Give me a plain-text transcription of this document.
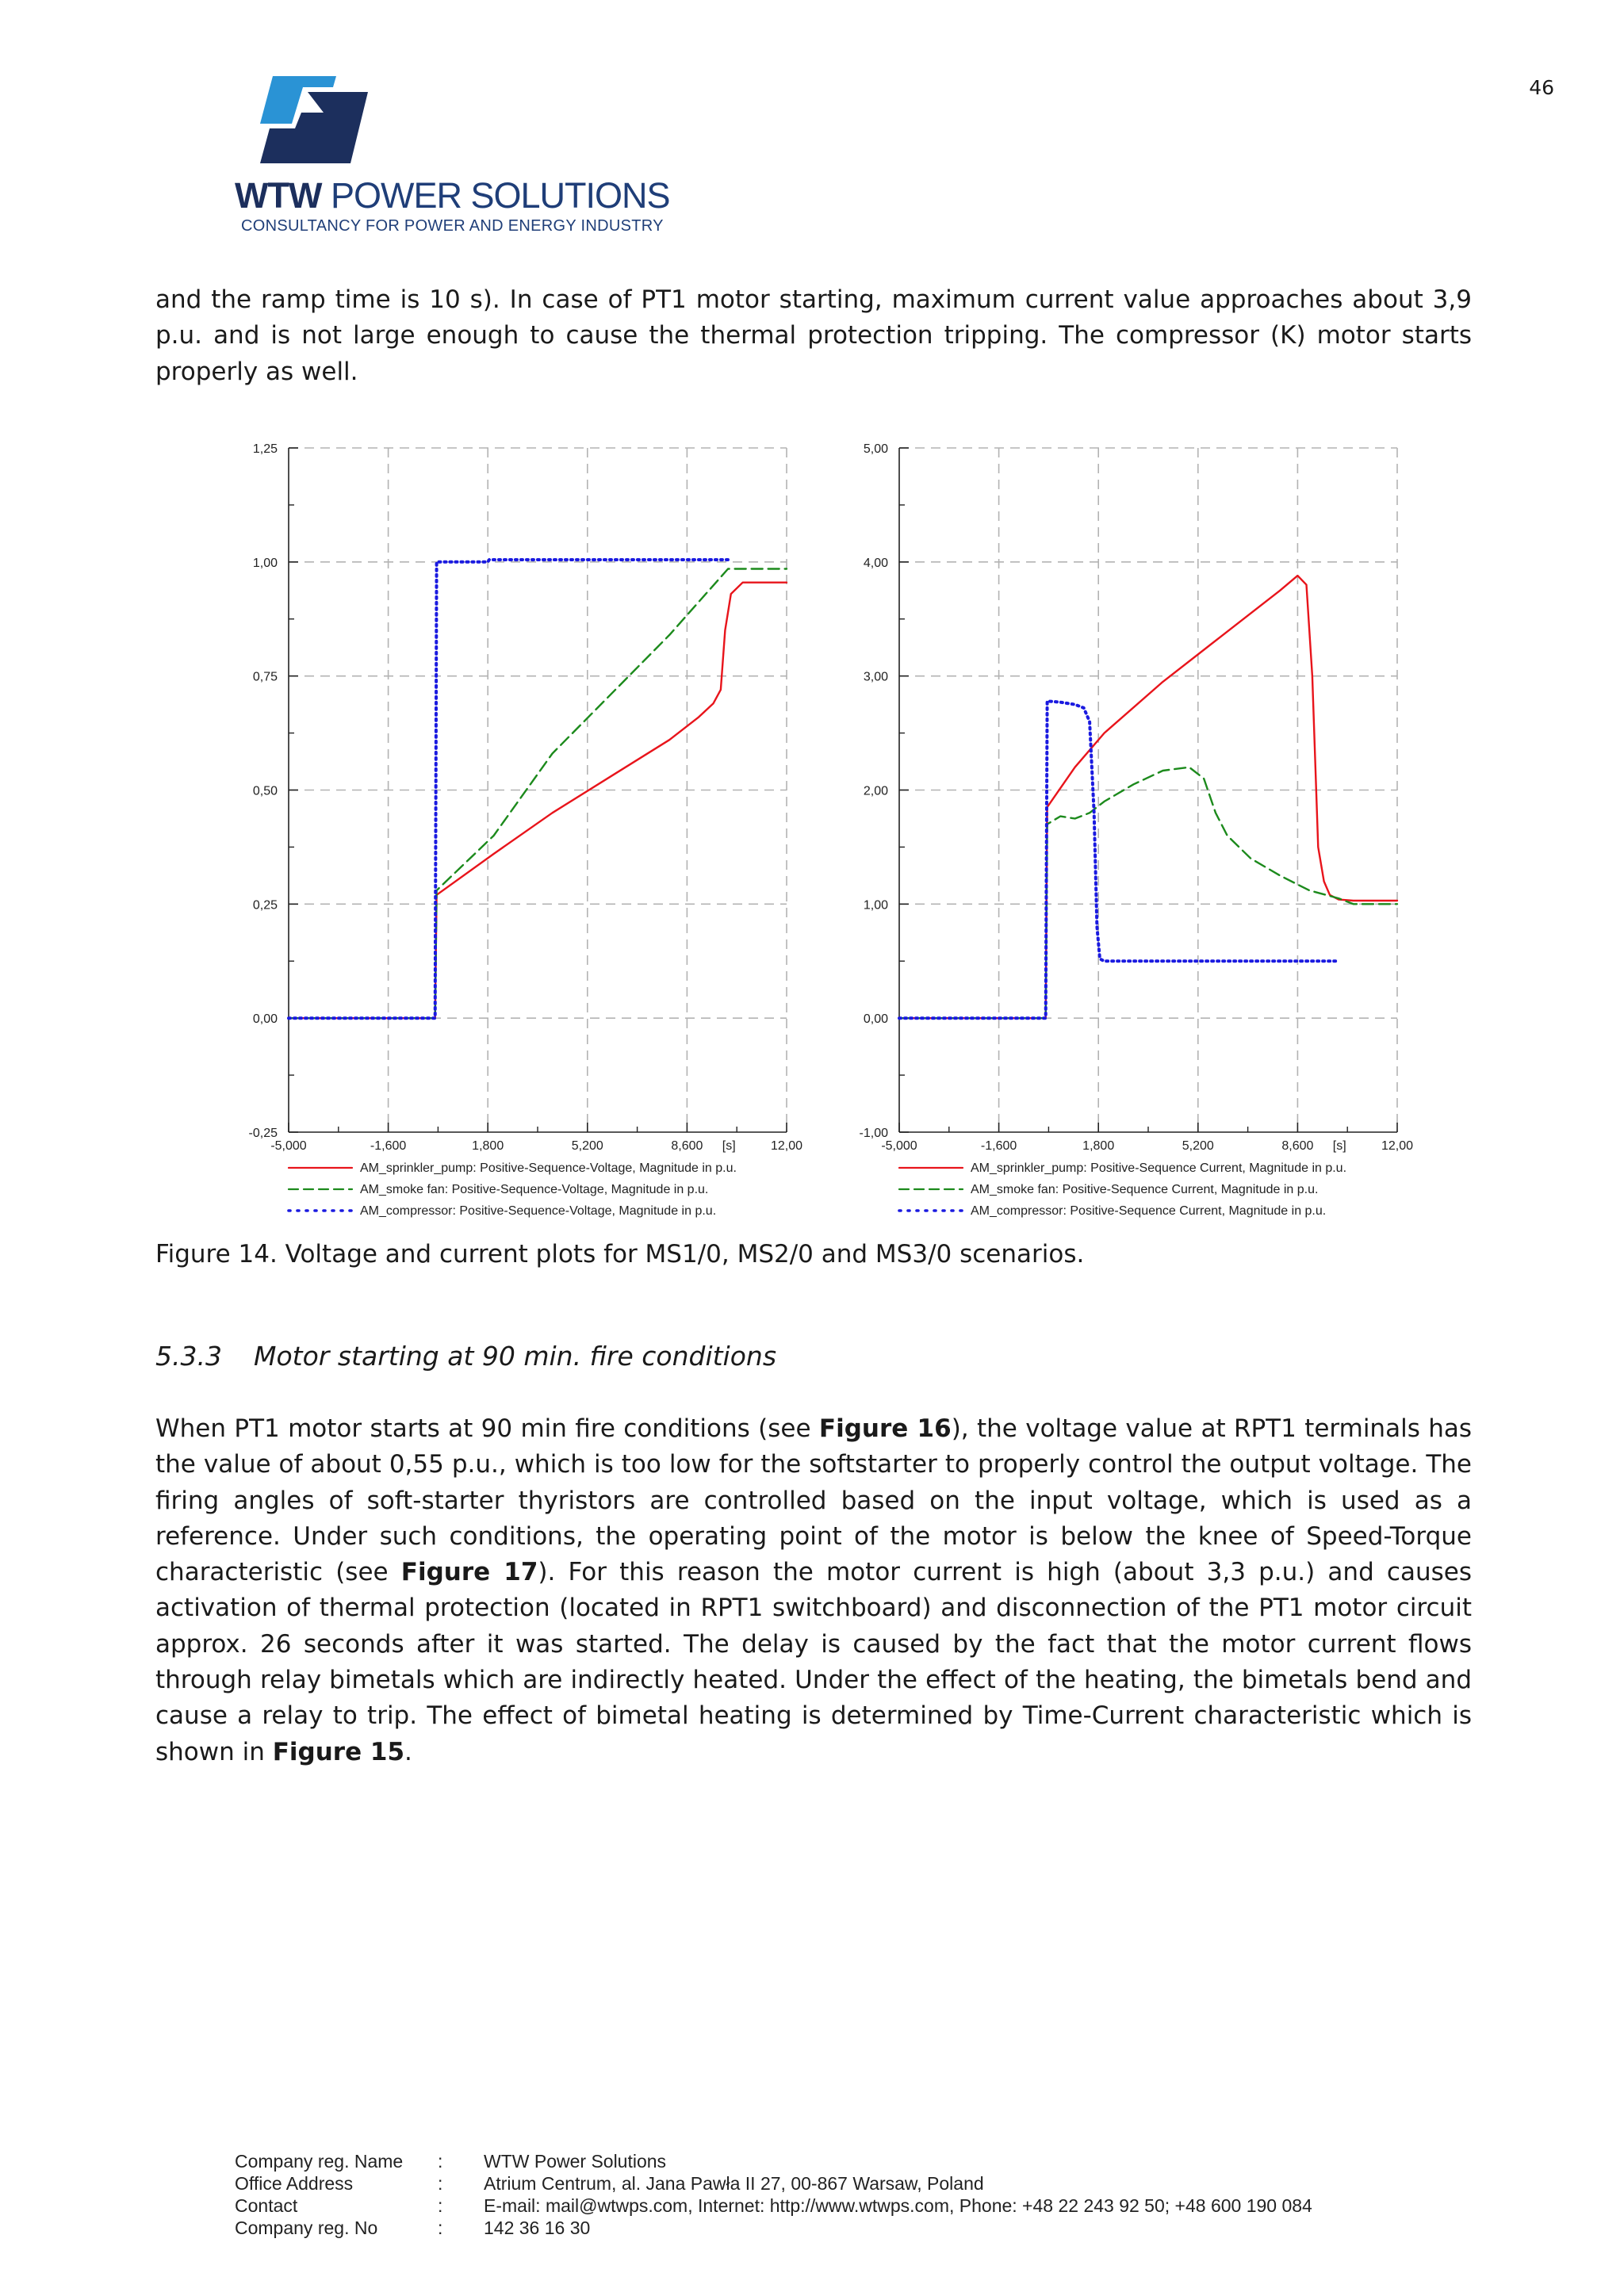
46
WTW POWER SOLUTIONS
CONSULTANCY FOR POWER AND ENERGY INDUSTRY

and the ramp time is 10 s). In case of PT1 motor starting, maximum current value approaches about 3,9 p.u. and is not large enough to cause the thermal protection tripping. The compressor (K) motor starts properly as well.

1,25
1,00
0,75
0,50
0,25
0,00
-0,25
-5,000	-1,600	1,800	5,200	8,600 [s]	12,00
AM_sprinkler_pump: Positive-Sequence-Voltage, Magnitude in p.u.
AM_smoke fan: Positive-Sequence-Voltage, Magnitude in p.u.
AM_compressor: Positive-Sequence-Voltage, Magnitude in p.u.
5,00
4,00
3,00
2,00
1,00
0,00
-1,00
-5,000	-1,600	1,800	5,200	8,600 [s]	12,00
AM_sprinkler_pump: Positive-Sequence Current, Magnitude in p.u.
AM_smoke fan: Positive-Sequence Current, Magnitude in p.u.
AM_compressor: Positive-Sequence Current, Magnitude in p.u.
Figure 14. Voltage and current plots for MS1/0, MS2/0 and MS3/0 scenarios.
5.3.3 Motor starting at 90 min. fire conditions

When PT1 motor starts at 90 min fire conditions (see Figure 16), the voltage value at RPT1 terminals has the value of about 0,55 p.u., which is too low for the softstarter to properly control the output voltage. The firing angles of soft-starter thyristors are controlled based on the input voltage, which is used as a reference. Under such conditions, the operating point of the motor is below the knee of Speed-Torque characteristic (see Figure 17). For this reason the motor current is high (about 3,3 p.u.) and causes activation of thermal protection (located in RPT1 switchboard) and disconnection of the PT1 motor circuit approx. 26 seconds after it was started. The delay is caused by the fact that the motor current flows through relay bimetals which are indirectly heated. Under the effect of the heating, the bimetals bend and cause a relay to trip. The effect of bimetal heating is determined by Time-Current characteristic which is shown in Figure 15.

Company reg. Name	:	WTW Power Solutions
Office Address	:	Atrium Centrum, al. Jana Pawła II 27, 00-867 Warsaw, Poland
Contact	:	E-mail: mail@wtwps.com, Internet: http://www.wtwps.com, Phone: +48 22 243 92 50; +48 600 190 084
Company reg. No	:	142 36 16 30
